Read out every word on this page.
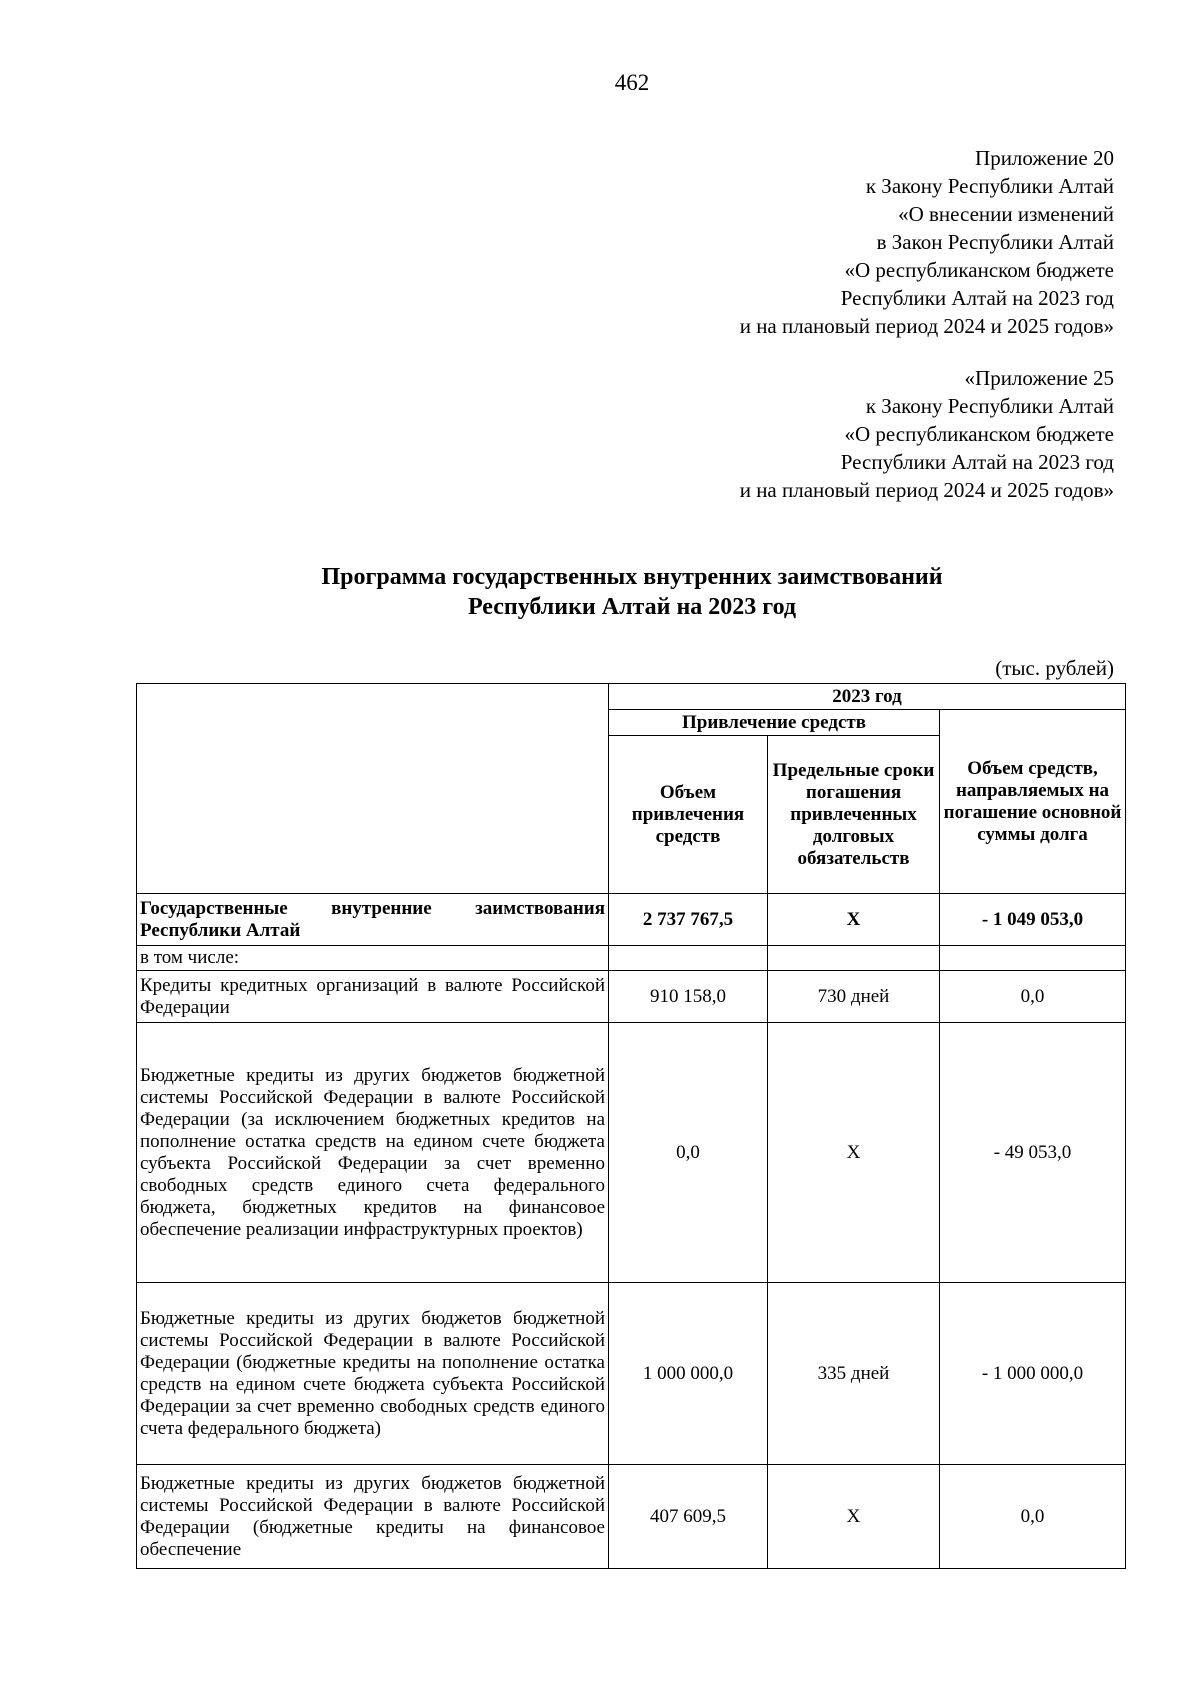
462
Приложение 20
к Закону Республики Алтай
«О внесении изменений
в Закон Республики Алтай
«О республиканском бюджете
Республики Алтай на 2023 год
и на плановый период 2024 и 2025 годов»
«Приложение 25
к Закону Республики Алтай
«О республиканском бюджете
Республики Алтай на 2023 год
и на плановый период 2024 и 2025 годов»
Программа государственных внутренних заимствований
Республики Алтай на 2023 год
(тыс. рублей)
	2023 год		
	Привлечение средств		Объем средств, направляемых на погашение основной суммы долга
	Объем привлечения средств	Предельные сроки погашения привлеченных долговых обязательств	
Государственные внутренние заимствования Республики Алтай	2 737 767,5	Х	- 1 049 053,0
в том числе:			
Кредиты кредитных организаций в валюте Российской Федерации	910 158,0	730 дней	0,0
Бюджетные кредиты из других бюджетов бюджетной системы Российской Федерации в валюте Российской Федерации (за исключением бюджетных кредитов на пополнение остатка средств на едином счете бюджета субъекта Российской Федерации за счет временно свободных средств единого счета федерального бюджета, бюджетных кредитов на финансовое обеспечение реализации инфраструктурных проектов)	0,0	Х	- 49 053,0
Бюджетные кредиты из других бюджетов бюджетной системы Российской Федерации в валюте Российской Федерации (бюджетные кредиты на пополнение остатка средств на едином счете бюджета субъекта Российской Федерации за счет временно свободных средств единого счета федерального бюджета)	1 000 000,0	335 дней	- 1 000 000,0
Бюджетные кредиты из других бюджетов бюджетной системы Российской Федерации в валюте Российской Федерации (бюджетные кредиты на финансовое обеспечение	407 609,5	Х	0,0
